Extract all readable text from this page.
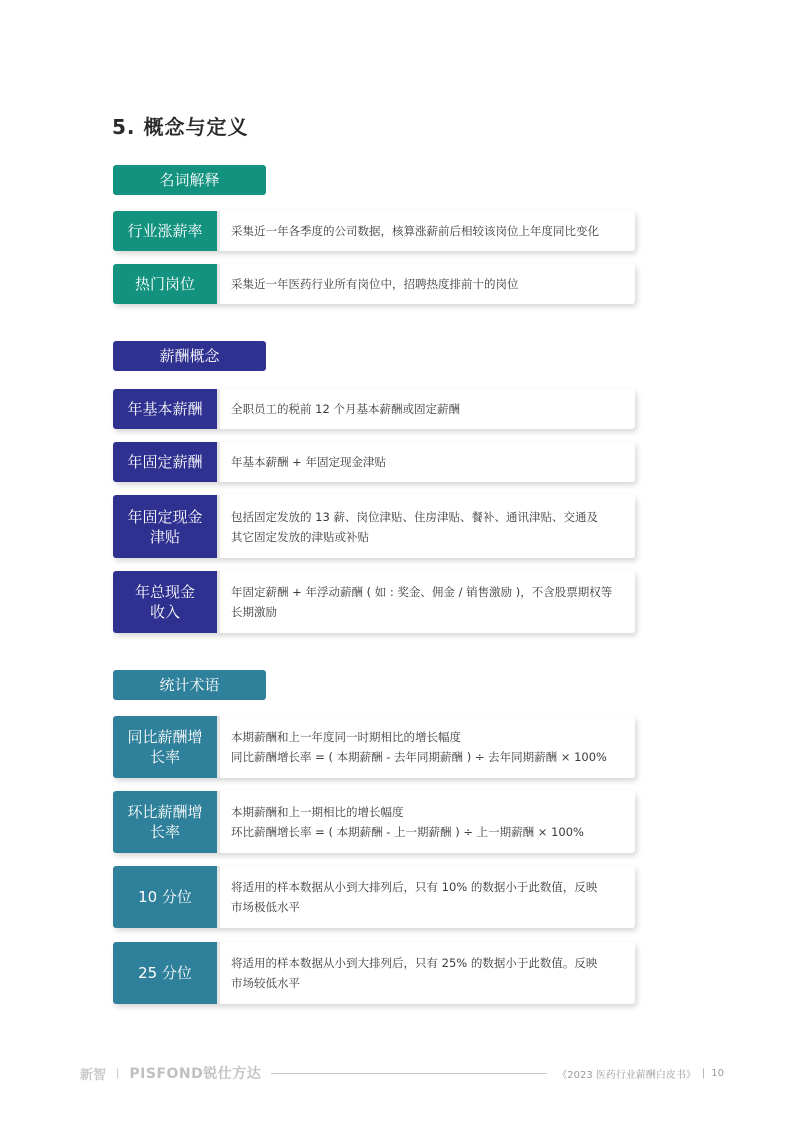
5. 概念与定义
名词解释
行业涨薪率 采集近一年各季度的公司数据，核算涨薪前后相较该岗位上年度同比变化
热门岗位	采集近一年医药行业所有岗位中，招聘热度排前十的岗位
薪酬概念
年基本薪酬 全职员工的税前 12 个月基本薪酬或固定薪酬
年固定薪酬 年基本薪酬 + 年固定现金津贴
年固定现金津贴
包括固定发放的 13 薪、岗位津贴、住房津贴、餐补、通讯津贴、交通及
其它固定发放的津贴或补贴
年总现金收入
年固定薪酬 + 年浮动薪酬 ( 如 : 奖金、佣金 / 销售激励 )，不含股票期权等
长期激励
统计术语
同比薪酬增长率
本期薪酬和上一年度同一时期相比的增长幅度
同比薪酬增长率 = ( 本期薪酬 - 去年同期薪酬 ) ÷ 去年同期薪酬 × 100%
环比薪酬增长率
本期薪酬和上一期相比的增长幅度
环比薪酬增长率 = ( 本期薪酬 - 上一期薪酬 ) ÷ 上一期薪酬 × 100%
10 分位
将适用的样本数据从小到大排列后，只有 10% 的数据小于此数值，反映
市场极低水平
25 分位
将适用的样本数据从小到大排列后，只有 25% 的数据小于此数值。反映
市场较低水平
新智 | PISFOND锐仕方达	《2023 医药行业薪酬白皮书》 | 10
